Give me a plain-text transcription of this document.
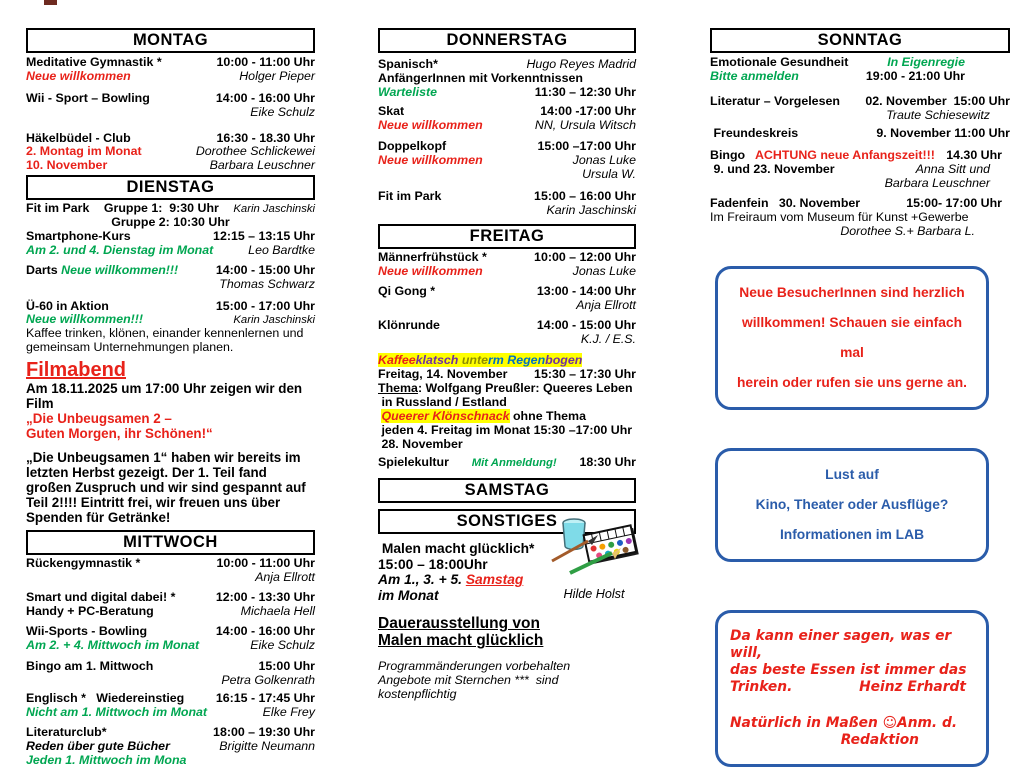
MONTAG
Meditative Gymnastik *	10:00 - 11:00 Uhr
Neue willkommen	Holger Pieper
Wii - Sport – Bowling	14:00 - 16:00 Uhr
Eike Schulz
Häkelbüdel - Club	16:30 - 18.30 Uhr
2. Montag im Monat	Dorothee Schlickewei
10. November	Barbara Leuschner
DIENSTAG
Fit im Park	Gruppe 1:  9:30 Uhr	Karin Jaschinski
Gruppe 2: 10:30 Uhr
Smartphone-Kurs	12:15 – 13:15 Uhr
Am 2. und 4. Dienstag im Monat	Leo Bardtke
Darts Neue willkommen!!!	14:00 - 15:00 Uhr
Thomas Schwarz
Ü-60 in Aktion	15:00 - 17:00 Uhr
Neue willkommen!!!	Karin Jaschinski
Kaffee trinken, klönen, einander kennenlernen und gemeinsam Unternehmungen planen.
Filmabend
Am 18.11.2025 um 17:00 Uhr zeigen wir den Film
„Die Unbeugsamen 2 –
Guten Morgen, ihr Schönen!“
„Die Unbeugsamen 1“ haben wir bereits im letzten Herbst gezeigt. Der 1. Teil fand großen Zuspruch und wir sind gespannt auf Teil 2!!!! Eintritt frei, wir freuen uns über Spenden für Getränke!
MITTWOCH
Rückengymnastik *	10:00 - 11:00 Uhr
Anja Ellrott
Smart und digital dabei! *	12:00 - 13:30 Uhr
Handy + PC-Beratung	Michaela Hell
Wii-Sports - Bowling	14:00 - 16:00 Uhr
Am 2. + 4. Mittwoch im Monat	Eike Schulz
Bingo am 1. Mittwoch	15:00 Uhr
Petra Golkenrath
Englisch *   Wiedereinstieg	16:15 - 17:45 Uhr
Nicht am 1. Mittwoch im Monat	Elke Frey
Literaturclub*	18:00 – 19:30 Uhr
Reden über gute Bücher	Brigitte Neumann
Jeden 1. Mittwoch im Mona
DONNERSTAG
Spanisch*	Hugo Reyes Madrid
AnfängerInnen mit Vorkenntnissen
Warteliste	11:30 – 12:30 Uhr
Skat	14:00 -17:00 Uhr
Neue willkommen	NN, Ursula Witsch
Doppelkopf	15:00 –17:00 Uhr
Neue willkommen	Jonas Luke
Ursula W.
Fit im Park	15:00 – 16:00 Uhr
Karin Jaschinski
FREITAG
Männerfrühstück *	10:00 – 12:00 Uhr
Neue willkommen	Jonas Luke
Qi Gong *	13:00 - 14:00 Uhr
Anja Ellrott
Klönrunde	14:00 - 15:00 Uhr
K.J. / E.S.
Kaffeeklatsch unterm Regenbogen
Freitag, 14. November 15:30 – 17:30 Uhr
Thema: Wolfgang Preußler: Queeres Leben
in Russland / Estland
Queerer Klönschnack ohne Thema
jeden 4. Freitag im Monat 15:30 –17:00 Uhr
28. November
Spielekultur	Mit Anmeldung!	18:30 Uhr
SAMSTAG
SONSTIGES
Malen macht glücklich*
15:00 – 18:00Uhr
Am 1., 3. + 5. Samstag
im Monat
Dauerausstellung von
Malen macht glücklich
Programmänderungen vorbehalten
Angebote mit Sternchen ***  sind  kostenpflichtig
SONNTAG
Emotionale Gesundheit	In Eigenregie
Bitte anmelden	19:00 - 21:00 Uhr
Literatur – Vorgelesen 02. November  15:00 Uhr
Traute Schiesewitz
Freundeskreis	9. November 11:00 Uhr
Bingo   ACHTUNG neue Anfangszeit!!! 14.30 Uhr
9. und 23. November	Anna Sitt und
Barbara Leuschner
Fadenfein   30. November	15:00- 17:00 Uhr
Im Freiraum vom Museum für Kunst +Gewerbe
Dorothee S.+ Barbara L.
Neue BesucherInnen sind herzlich
willkommen! Schauen sie einfach mal
herein oder rufen sie uns gerne an.
Lust auf
Kino, Theater oder Ausflüge?
Informationen im LAB
Da kann einer sagen, was er will,
das beste Essen ist immer das
Trinken.	Heinz Erhardt
Natürlich in Maßen ☺ Anm. d.
Redaktion
Hilde Holst
